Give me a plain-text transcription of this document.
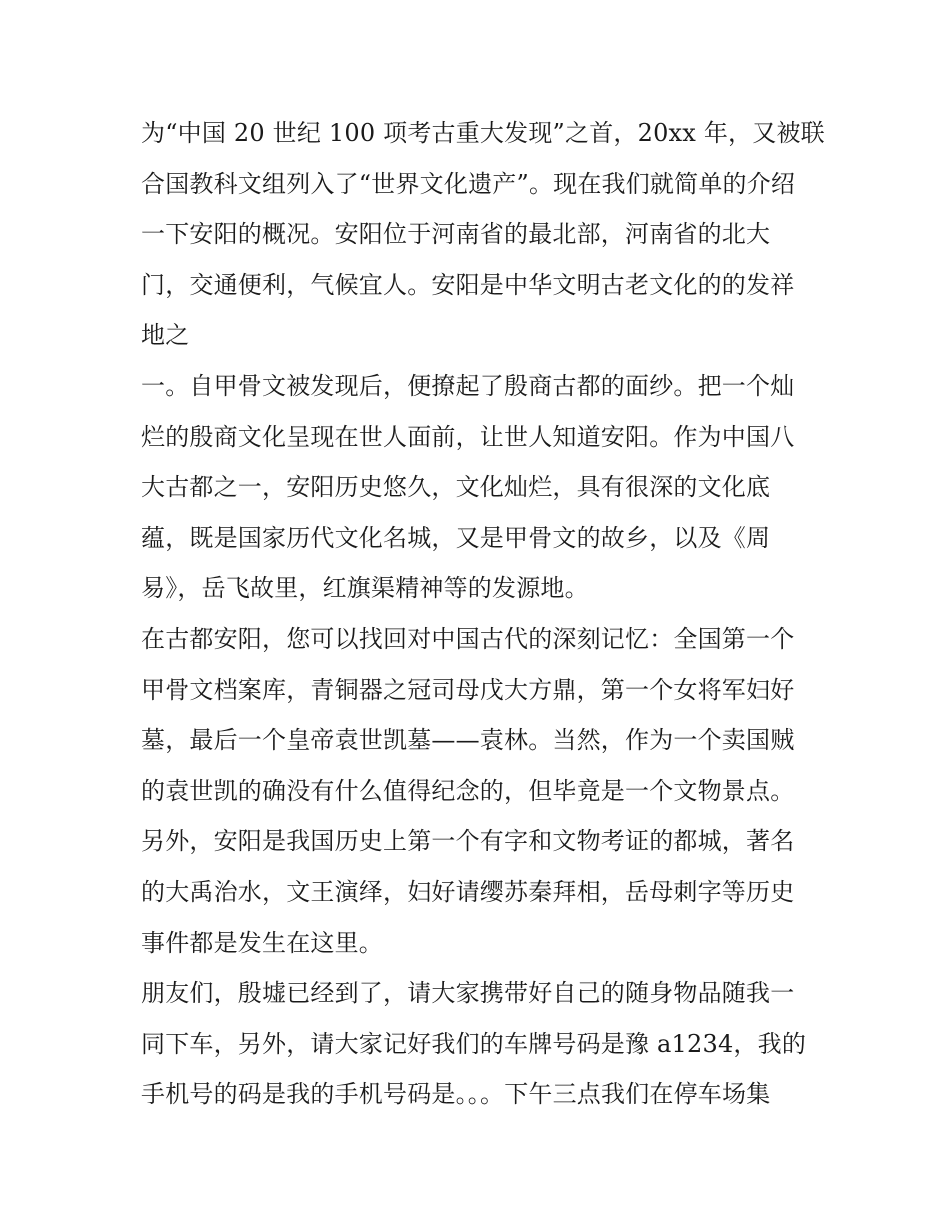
为“中国 20 世纪 100 项考古重大发现”之首，20xx 年，又被联
合国教科文组列入了“世界文化遗产”。现在我们就简单的介绍
一下安阳的概况。安阳位于河南省的最北部，河南省的北大
门，交通便利，气候宜人。安阳是中华文明古老文化的的发祥
地之
一。自甲骨文被发现后，便撩起了殷商古都的面纱。把一个灿
烂的殷商文化呈现在世人面前，让世人知道安阳。作为中国八
大古都之一，安阳历史悠久，文化灿烂，具有很深的文化底
蕴，既是国家历代文化名城，又是甲骨文的故乡，以及《周
易》，岳飞故里，红旗渠精神等的发源地。
在古都安阳，您可以找回对中国古代的深刻记忆：全国第一个
甲骨文档案库，青铜器之冠司母戊大方鼎，第一个女将军妇好
墓，最后一个皇帝袁世凯墓——袁林。当然，作为一个卖国贼
的袁世凯的确没有什么值得纪念的，但毕竟是一个文物景点。
另外，安阳是我国历史上第一个有字和文物考证的都城，著名
的大禹治水，文王演绎，妇好请缨苏秦拜相，岳母刺字等历史
事件都是发生在这里。
朋友们，殷墟已经到了，请大家携带好自己的随身物品随我一
同下车，另外，请大家记好我们的车牌号码是豫 a1234，我的
手机号的码是我的手机号码是。。。下午三点我们在停车场集
